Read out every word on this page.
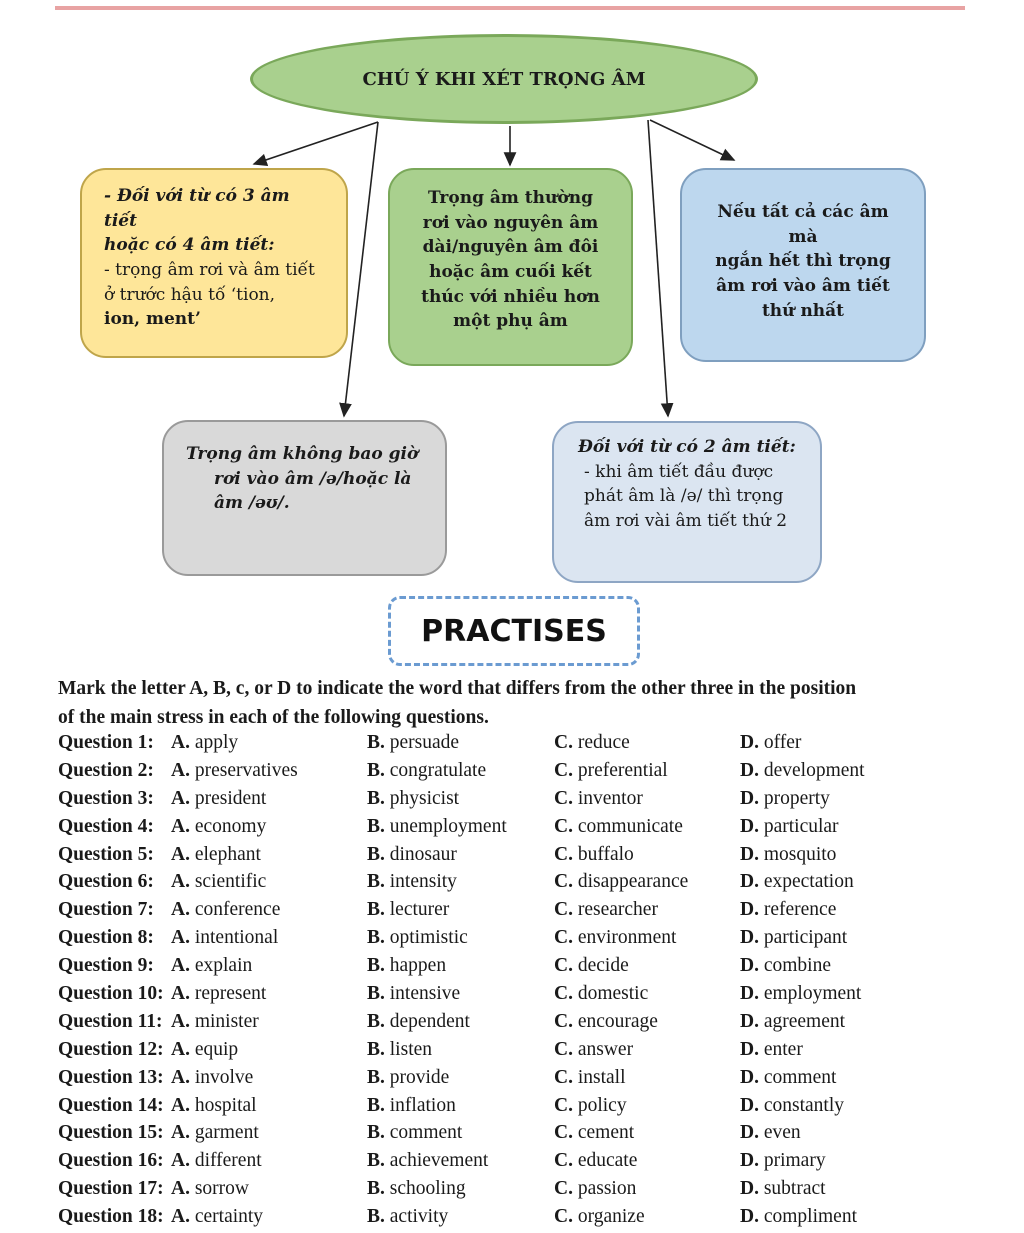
CHÚ Ý KHI XÉT TRỌNG ÂM
- Đối với từ có 3 âm tiết
hoặc có 4 âm tiết:
- trọng âm rơi và âm tiết
ở trước hậu tố ‘tion,
ion, ment’
Trọng âm thường
rơi vào nguyên âm
dài/nguyên âm đôi
hoặc âm cuối kết
thúc với nhiều hơn
một phụ âm
Nếu tất cả các âm mà
ngắn hết thì trọng
âm rơi vào âm tiết
thứ nhất
Trọng âm không bao giờ

rơi vào âm /ə/hoặc là
âm /əʊ/.
Đối với từ có 2 âm tiết:

- khi âm tiết đầu được
phát âm là /ə/ thì trọng
âm rơi vài âm tiết thứ 2
PRACTISES
Mark the letter A, B, c, or D to indicate the word that differs from the other three in the position
of the main stress in each of the following questions.
Question 1: A. apply	B. persuade	C. reduce	D. offer
Question 2: A. preservatives	B. congratulate	C. preferential	D. development
Question 3: A. president	B. physicist	C. inventor	D. property
Question 4: A. economy	B. unemployment C. communicate	D. particular
Question 5: A. elephant	B. dinosaur	C. buffalo	D. mosquito
Question 6: A. scientific	B. intensity	C. disappearance	D. expectation
Question 7: A. conference	B. lecturer	C. researcher	D. reference
Question 8: A. intentional	B. optimistic	C. environment	D. participant
Question 9: A. explain	B. happen	C. decide	D. combine
Question 10: A. represent	B. intensive	C. domestic	D. employment
Question 11: A. minister	B. dependent	C. encourage	D. agreement
Question 12: A. equip	B. listen	C. answer	D. enter
Question 13: A. involve	B. provide	C. install	D. comment
Question 14: A. hospital	B. inflation	C. policy	D. constantly
Question 15: A. garment	B. comment	C. cement	D. even
Question 16: A. different	B. achievement	C. educate	D. primary
Question 17: A. sorrow	B. schooling	C. passion	D. subtract
Question 18: A. certainty	B. activity	C. organize	D. compliment
